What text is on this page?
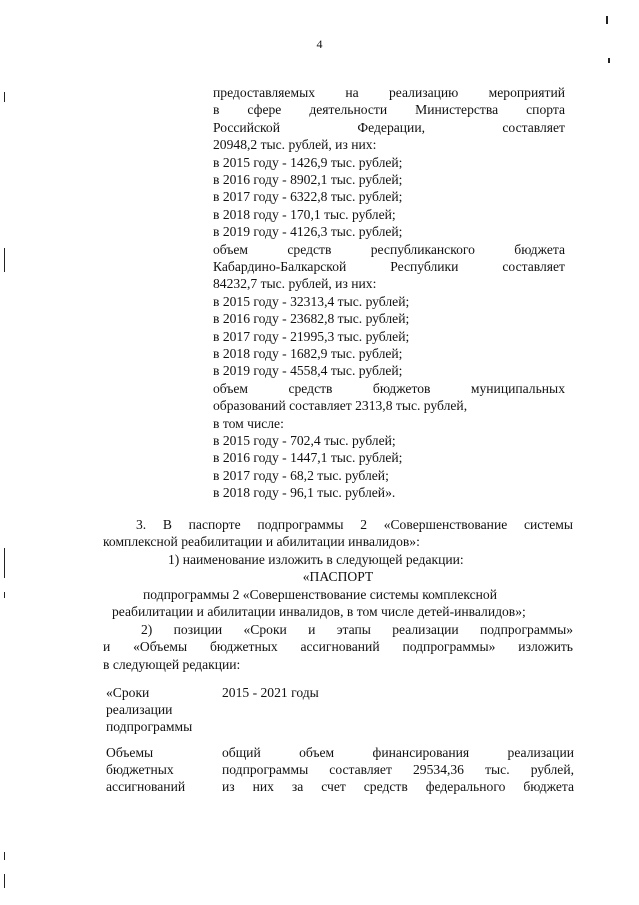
4
предоставляемых на реализацию мероприятий
в сфере деятельности Министерства спорта
Российской Федерации, составляет
20948,2 тыс. рублей, из них:
в 2015 году - 1426,9 тыс. рублей;
в 2016 году - 8902,1 тыс. рублей;
в 2017 году - 6322,8 тыс. рублей;
в 2018 году - 170,1 тыс. рублей;
в 2019 году - 4126,3 тыс. рублей;
объем средств республиканского бюджета
Кабардино-Балкарской Республики составляет
84232,7 тыс. рублей, из них:
в 2015 году - 32313,4 тыс. рублей;
в 2016 году - 23682,8 тыс. рублей;
в 2017 году - 21995,3 тыс. рублей;
в 2018 году - 1682,9 тыс. рублей;
в 2019 году - 4558,4 тыс. рублей;
объем средств бюджетов муниципальных
образований составляет 2313,8 тыс. рублей,
в том числе:
в 2015 году - 702,4 тыс. рублей;
в 2016 году - 1447,1 тыс. рублей;
в 2017 году - 68,2 тыс. рублей;
в 2018 году - 96,1 тыс. рублей».
3. В паспорте подпрограммы 2 «Совершенствование системы
комплексной реабилитации и абилитации инвалидов»:
1) наименование изложить в следующей редакции:
«ПАСПОРТ
подпрограммы 2 «Совершенствование системы комплексной
реабилитации и абилитации инвалидов, в том числе детей-инвалидов»;
2) позиции «Сроки и этапы реализации подпрограммы»
и «Объемы бюджетных ассигнований подпрограммы» изложить
в следующей редакции:
«Сроки
реализации
подпрограммы
2015 - 2021 годы
Объемы
бюджетных
ассигнований
общий объем финансирования реализации
подпрограммы составляет 29534,36 тыс. рублей,
из них за счет средств федерального бюджета
